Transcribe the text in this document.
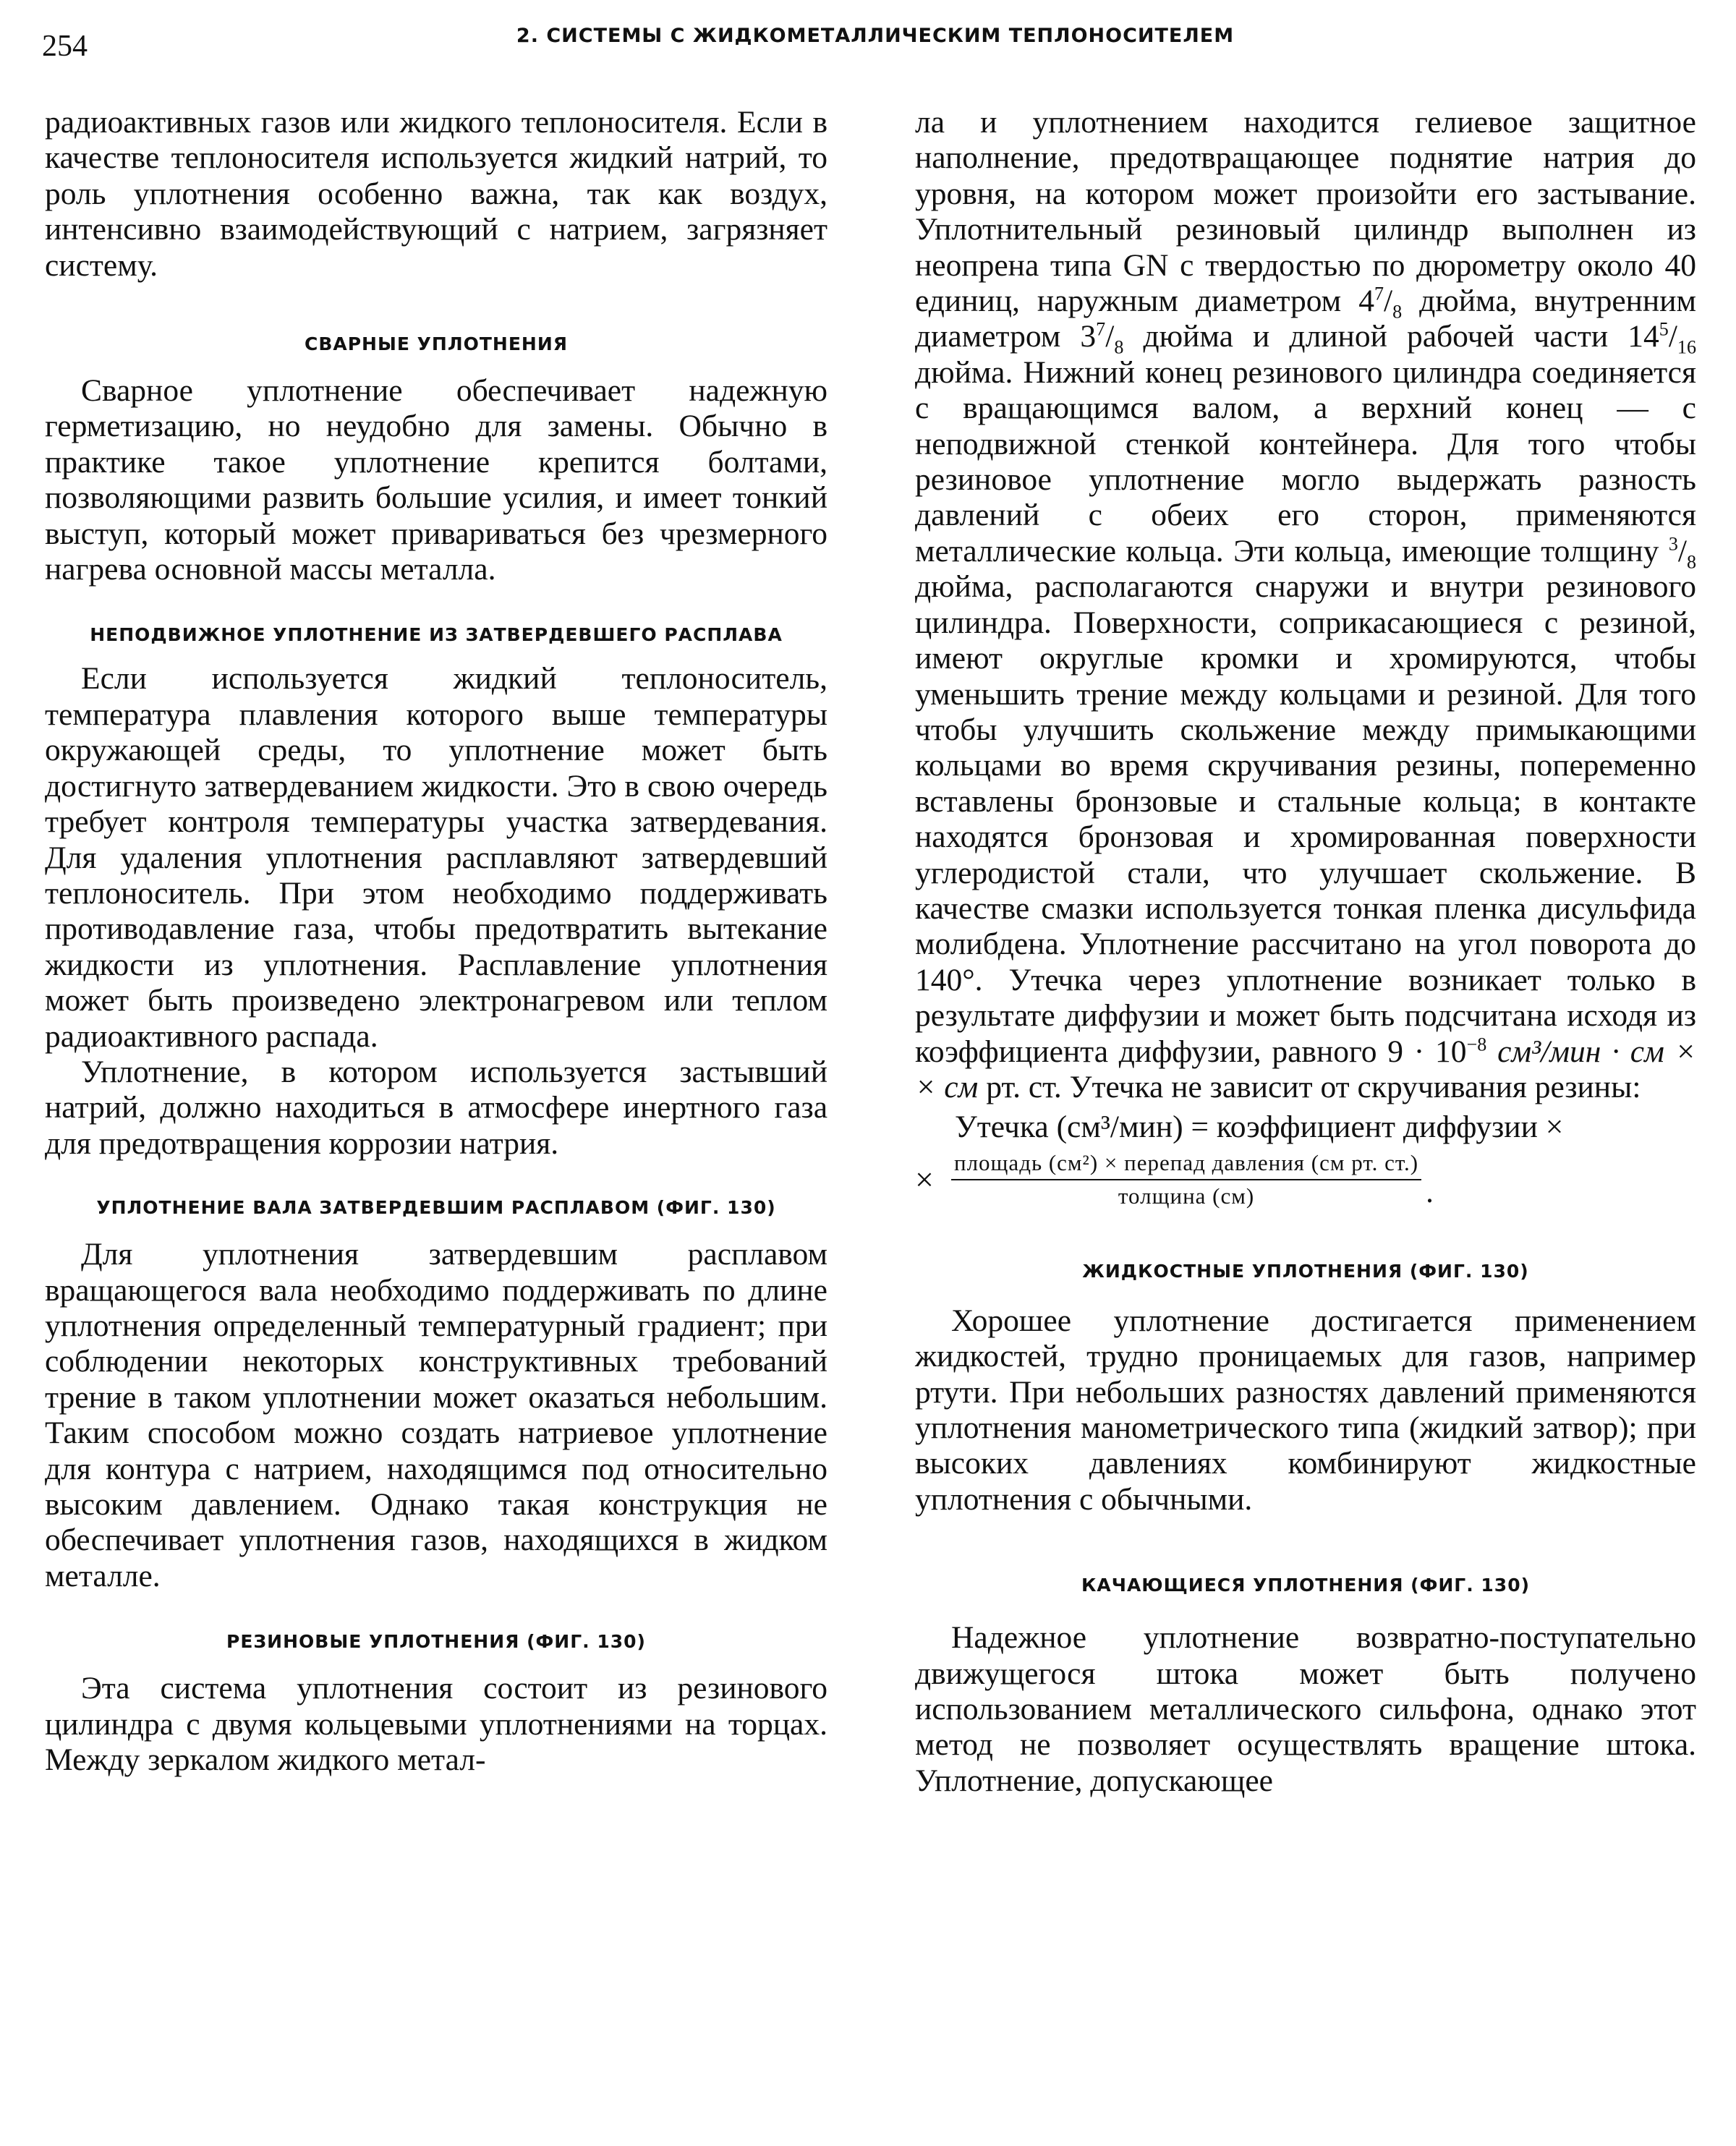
254	2. СИСТЕМЫ С ЖИДКОМЕТАЛЛИЧЕСКИМ ТЕПЛОНОСИТЕЛЕМ

радиоактивных газов или жидкого теплоносителя. Если в качестве теплоносителя используется жидкий натрий, то роль уплотнения особенно важна, так как воздух, интенсивно взаимодействующий с натрием, загрязняет систему.

СВАРНЫЕ УПЛОТНЕНИЯ

Сварное уплотнение обеспечивает надежную герметизацию, но неудобно для замены. Обычно в практике такое уплотнение крепится болтами, позволяющими развить большие усилия, и имеет тонкий выступ, который может привариваться без чрезмерного нагрева основной массы металла.

НЕПОДВИЖНОЕ УПЛОТНЕНИЕ ИЗ ЗАТВЕРДЕВШЕГО РАСПЛАВА

Если используется жидкий теплоноситель, температура плавления которого выше температуры окружающей среды, то уплотнение может быть достигнуто затвердеванием жидкости. Это в свою очередь требует контроля температуры участка затвердевания. Для удаления уплотнения расплавляют затвердевший теплоноситель. При этом необходимо поддерживать противодавление газа, чтобы предотвратить вытекание жидкости из уплотнения. Расплавление уплотнения может быть произведено электронагревом или теплом радиоактивного распада.

Уплотнение, в котором используется застывший натрий, должно находиться в атмосфере инертного газа для предотвращения коррозии натрия.

УПЛОТНЕНИЕ ВАЛА ЗАТВЕРДЕВШИМ РАСПЛАВОМ (ФИГ. 130)

Для уплотнения затвердевшим расплавом вращающегося вала необходимо поддерживать по длине уплотнения определенный температурный градиент; при соблюдении некоторых конструктивных требований трение в таком уплотнении может оказаться небольшим. Таким способом можно создать натриевое уплотнение для контура с натрием, находящимся под относительно высоким давлением. Однако такая конструкция не обеспечивает уплотнения газов, находящихся в жидком металле.

РЕЗИНОВЫЕ УПЛОТНЕНИЯ (ФИГ. 130)

Эта система уплотнения состоит из резинового цилиндра с двумя кольцевыми уплотнениями на торцах. Между зеркалом жидкого метал-

ла и уплотнением находится гелиевое защитное наполнение, предотвращающее поднятие натрия до уровня, на котором может произойти его застывание. Уплотнительный резиновый цилиндр выполнен из неопрена типа GN с твердостью по дюрометру около 40 единиц, наружным диаметром $4^7/_8$ дюйма, внутренним диаметром $3^7/_8$ дюйма и длиной рабочей части $14^5/_{16}$ дюйма. Нижний конец резинового цилиндра соединяется с вращающимся валом, а верхний конец — с неподвижной стенкой контейнера. Для того чтобы резиновое уплотнение могло выдержать разность давлений с обеих его сторон, применяются металлические кольца. Эти кольца, имеющие толщину $^3/_8$ дюйма, располагаются снаружи и внутри резинового цилиндра. Поверхности, соприкасающиеся с резиной, имеют округлые кромки и хромируются, чтобы уменьшить трение между кольцами и резиной. Для того чтобы улучшить скольжение между примыкающими кольцами во время скручивания резины, попеременно вставлены бронзовые и стальные кольца; в контакте находятся бронзовая и хромированная поверхности углеродистой стали, что улучшает скольжение. В качестве смазки используется тонкая пленка дисульфида молибдена. Уплотнение рассчитано на угол поворота до 140°. Утечка через уплотнение возникает только в результате диффузии и может быть подсчитана исходя из коэффициента диффузии, равного $9 \cdot 10^{-8}$ см³/мин · см × × см рт. ст. Утечка не зависит от скручивания резины:

Утечка (см³/мин) = коэффициент диффузии ×
× $\frac{\text{площадь (см²) × перепад давления (см рт. ст.)}}{\text{толщина (см)}}$ .
ЖИДКОСТНЫЕ УПЛОТНЕНИЯ (ФИГ. 130)

Хорошее уплотнение достигается применением жидкостей, трудно проницаемых для газов, например ртути. При небольших разностях давлений применяются уплотнения манометрического типа (жидкий затвор); при высоких давлениях комбинируют жидкостные уплотнения с обычными.

КАЧАЮЩИЕСЯ УПЛОТНЕНИЯ (ФИГ. 130)

Надежное уплотнение возвратно-поступательно движущегося штока может быть получено использованием металлического сильфона, однако этот метод не позволяет осуществлять вращение штока. Уплотнение, допускающее
